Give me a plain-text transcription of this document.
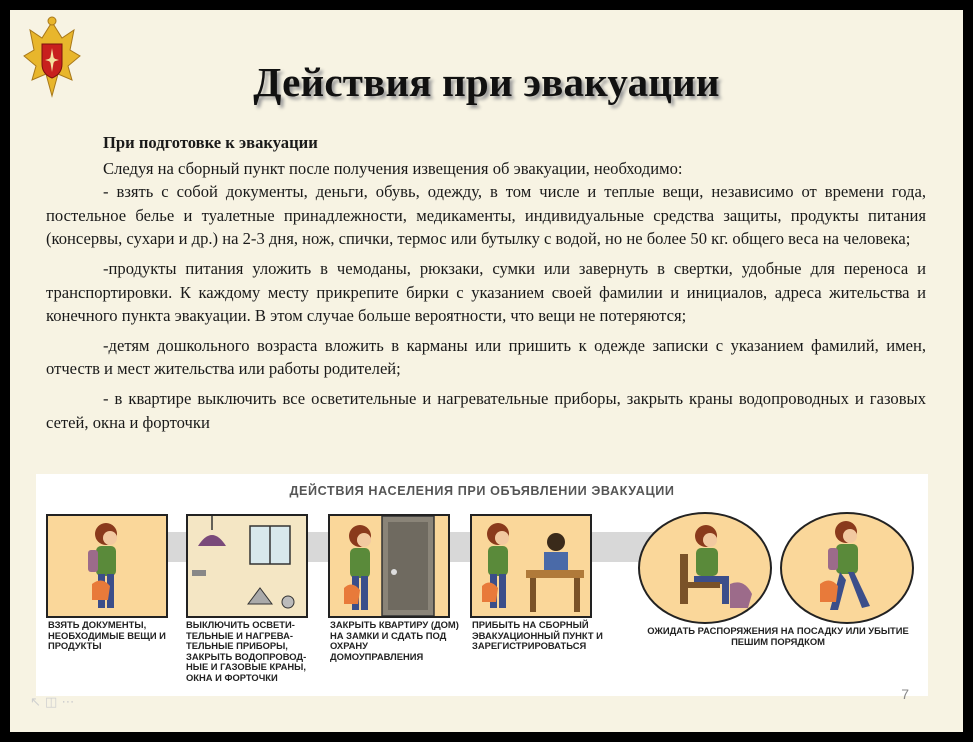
Действия при эвакуации

При подготовке к эвакуации

Следуя на сборный пункт после получения извещения об эвакуации, необходимо:

- взять с собой документы, деньги, обувь, одежду, в том числе и теплые вещи, независимо от времени года, постельное белье и туалетные принадлежности, медикаменты, индивидуальные средства защиты, продукты питания (консервы, сухари и др.) на 2-3 дня, нож, спички, термос или бутылку с водой, но не более 50 кг. общего веса на человека;

-продукты питания уложить в чемоданы, рюкзаки, сумки или завернуть в свертки, удобные для переноса и транспортировки. К каждому месту прикрепите бирки с указанием своей фамилии и инициалов, адреса жительства и конечного пункта эвакуации. В этом случае больше вероятности, что вещи не потеряются;

-детям дошкольного возраста вложить в карманы или пришить к одежде записки с указанием фамилий, имен, отчеств и мест жительства или работы родителей;

- в квартире выключить все осветительные и нагревательные приборы, закрыть краны водопроводных и газовых сетей, окна и форточки

ДЕЙСТВИЯ НАСЕЛЕНИЯ ПРИ ОБЪЯВЛЕНИИ ЭВАКУАЦИИ
ВЗЯТЬ ДОКУМЕНТЫ, НЕОБХОДИМЫЕ ВЕЩИ И ПРОДУКТЫ
ВЫКЛЮЧИТЬ ОСВЕТИ-ТЕЛЬНЫЕ И НАГРЕВА-ТЕЛЬНЫЕ ПРИБОРЫ, ЗАКРЫТЬ ВОДОПРОВОД-НЫЕ И ГАЗОВЫЕ КРАНЫ, ОКНА И ФОРТОЧКИ
ЗАКРЫТЬ КВАРТИРУ (ДОМ) НА ЗАМКИ И СДАТЬ ПОД ОХРАНУ ДОМОУПРАВЛЕНИЯ
ПРИБЫТЬ НА СБОРНЫЙ ЭВАКУАЦИОННЫЙ ПУНКТ И ЗАРЕГИСТРИРОВАТЬСЯ
ОЖИДАТЬ РАСПОРЯЖЕНИЯ НА ПОСАДКУ ИЛИ УБЫТИЕ ПЕШИМ ПОРЯДКОМ
↖ ◫ ⋯
7
